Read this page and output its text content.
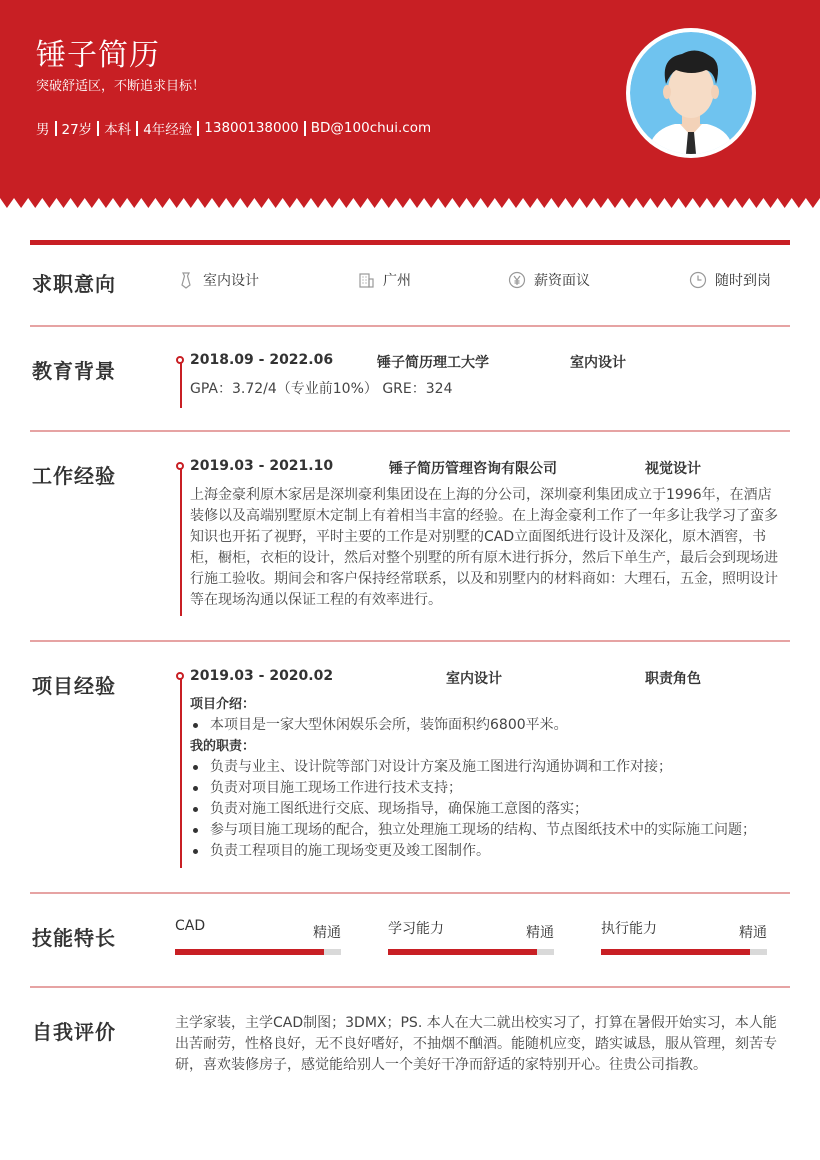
锤子简历
突破舒适区，不断追求目标！
男 27岁 本科 4年经验 13800138000 BD@100chui.com
求职意向	室内设计	广州	薪资面议	随时到岗
教育背景	2018.09 - 2022.06	锤子简历理工大学	室内设计
GPA：3.72/4（专业前10%） GRE：324
工作经验	2019.03 - 2021.10	锤子简历管理咨询有限公司	视觉设计
上海金豪利原木家居是深圳豪利集团设在上海的分公司，深圳豪利集团成立于1996年，在酒店装修以及高端别墅原木定制上有着相当丰富的经验。在上海金豪利工作了一年多让我学习了蛮多知识也开拓了视野，平时主要的工作是对别墅的CAD立面图纸进行设计及深化，原木酒窖，书柜，橱柜，衣柜的设计，然后对整个别墅的所有原木进行拆分，然后下单生产，最后会到现场进行施工验收。期间会和客户保持经常联系，以及和别墅内的材料商如：大理石，五金，照明设计等在现场沟通以保证工程的有效率进行。
项目经验	2019.03 - 2020.02	室内设计	职责角色
项目介绍：
本项目是一家大型休闲娱乐会所，装饰面积约6800平米。
我的职责：
负责与业主、设计院等部门对设计方案及施工图进行沟通协调和工作对接；
负责对项目施工现场工作进行技术支持；
负责对施工图纸进行交底、现场指导，确保施工意图的落实；
参与项目施工现场的配合，独立处理施工现场的结构、节点图纸技术中的实际施工问题；
负责工程项目的施工现场变更及竣工图制作。
技能特长	CAD	精通	学习能力	精通	执行能力	精通
自我评价	主学家装，主学CAD制图；3DMX；PS. 本人在大二就出校实习了，打算在暑假开始实习，本人能出苦耐劳，性格良好，无不良好嗜好，不抽烟不酗酒。能随机应变，踏实诚恳，服从管理，刻苦专研，喜欢装修房子，感觉能给别人一个美好干净而舒适的家特别开心。往贵公司指教。
